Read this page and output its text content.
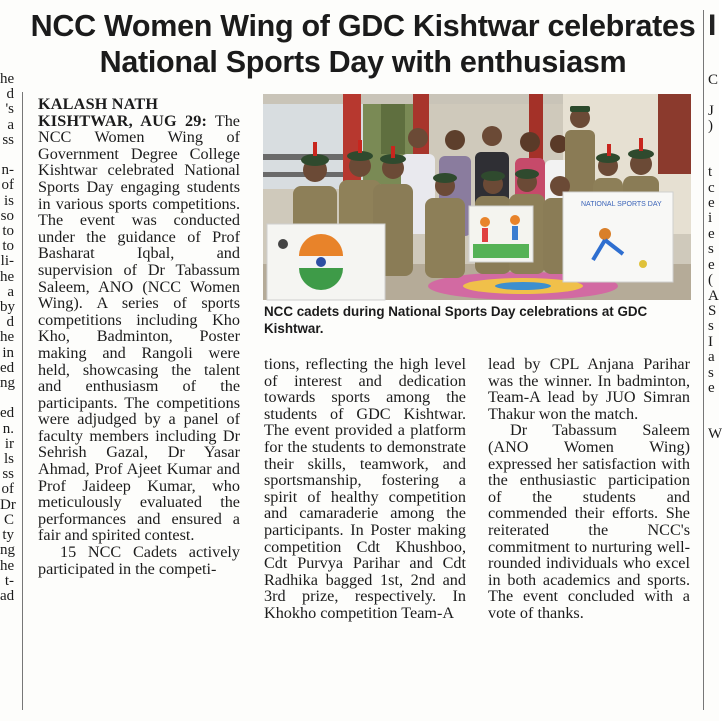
he
d
's
a
ss

n-
of
is
so
to
to
li-
he
a
by
d
he
in
ed
ng

ed
n.
ir
ls
ss
of
Dr
C
ty
ng
he
t-
ad
NCC Women Wing of GDC Kishtwar celebrates
National Sports Day with enthusiasm

KALASH NATH
KISHTWAR, AUG 29: The NCC Women Wing of Government Degree College Kishtwar celebrated National Sports Day engaging students in various sports competitions. The event was conducted under the guidance of Prof Basharat Iqbal, and supervision of Dr Tabassum Saleem, ANO (NCC Women Wing). A series of sports competitions including Kho Kho, Badminton, Poster making and Rangoli were held, showcasing the talent and enthusiasm of the participants. The competitions were adjudged by a panel of faculty members including Dr Sehrish Gazal, Dr Yasar Ahmad, Prof Ajeet Kumar and Prof Jaideep Kumar, who meticulously evaluated the performances and ensured a fair and spirited contest.

15 NCC Cadets actively participated in the competi-

NATIONAL SPORTS DAY

NCC cadets during National Sports Day celebrations at GDC Kishtwar.

tions, reflecting the high level of interest and dedication towards sports among the students of GDC Kishtwar. The event provided a platform for the students to demonstrate their skills, teamwork, and sportsmanship, fostering a spirit of healthy competition and camaraderie among the participants. In Poster making competition Cdt Khushboo, Cdt Purvya Parihar and Cdt Radhika bagged 1st, 2nd and 3rd prize, respectively. In Khokho competition Team-A

lead by CPL Anjana Parihar was the winner. In badminton, Team-A lead by JUO Simran Thakur won the match.

Dr Tabassum Saleem (ANO Women Wing) expressed her satisfaction with the enthusiastic participation of the students and commended their efforts. She reiterated the NCC's commitment to nurturing well-rounded individuals who excel in both academics and sports. The event concluded with a vote of thanks.

I

C

J
)

t
c
e
i
e
s
e
(
A
S
s
I
a
s
e

W
